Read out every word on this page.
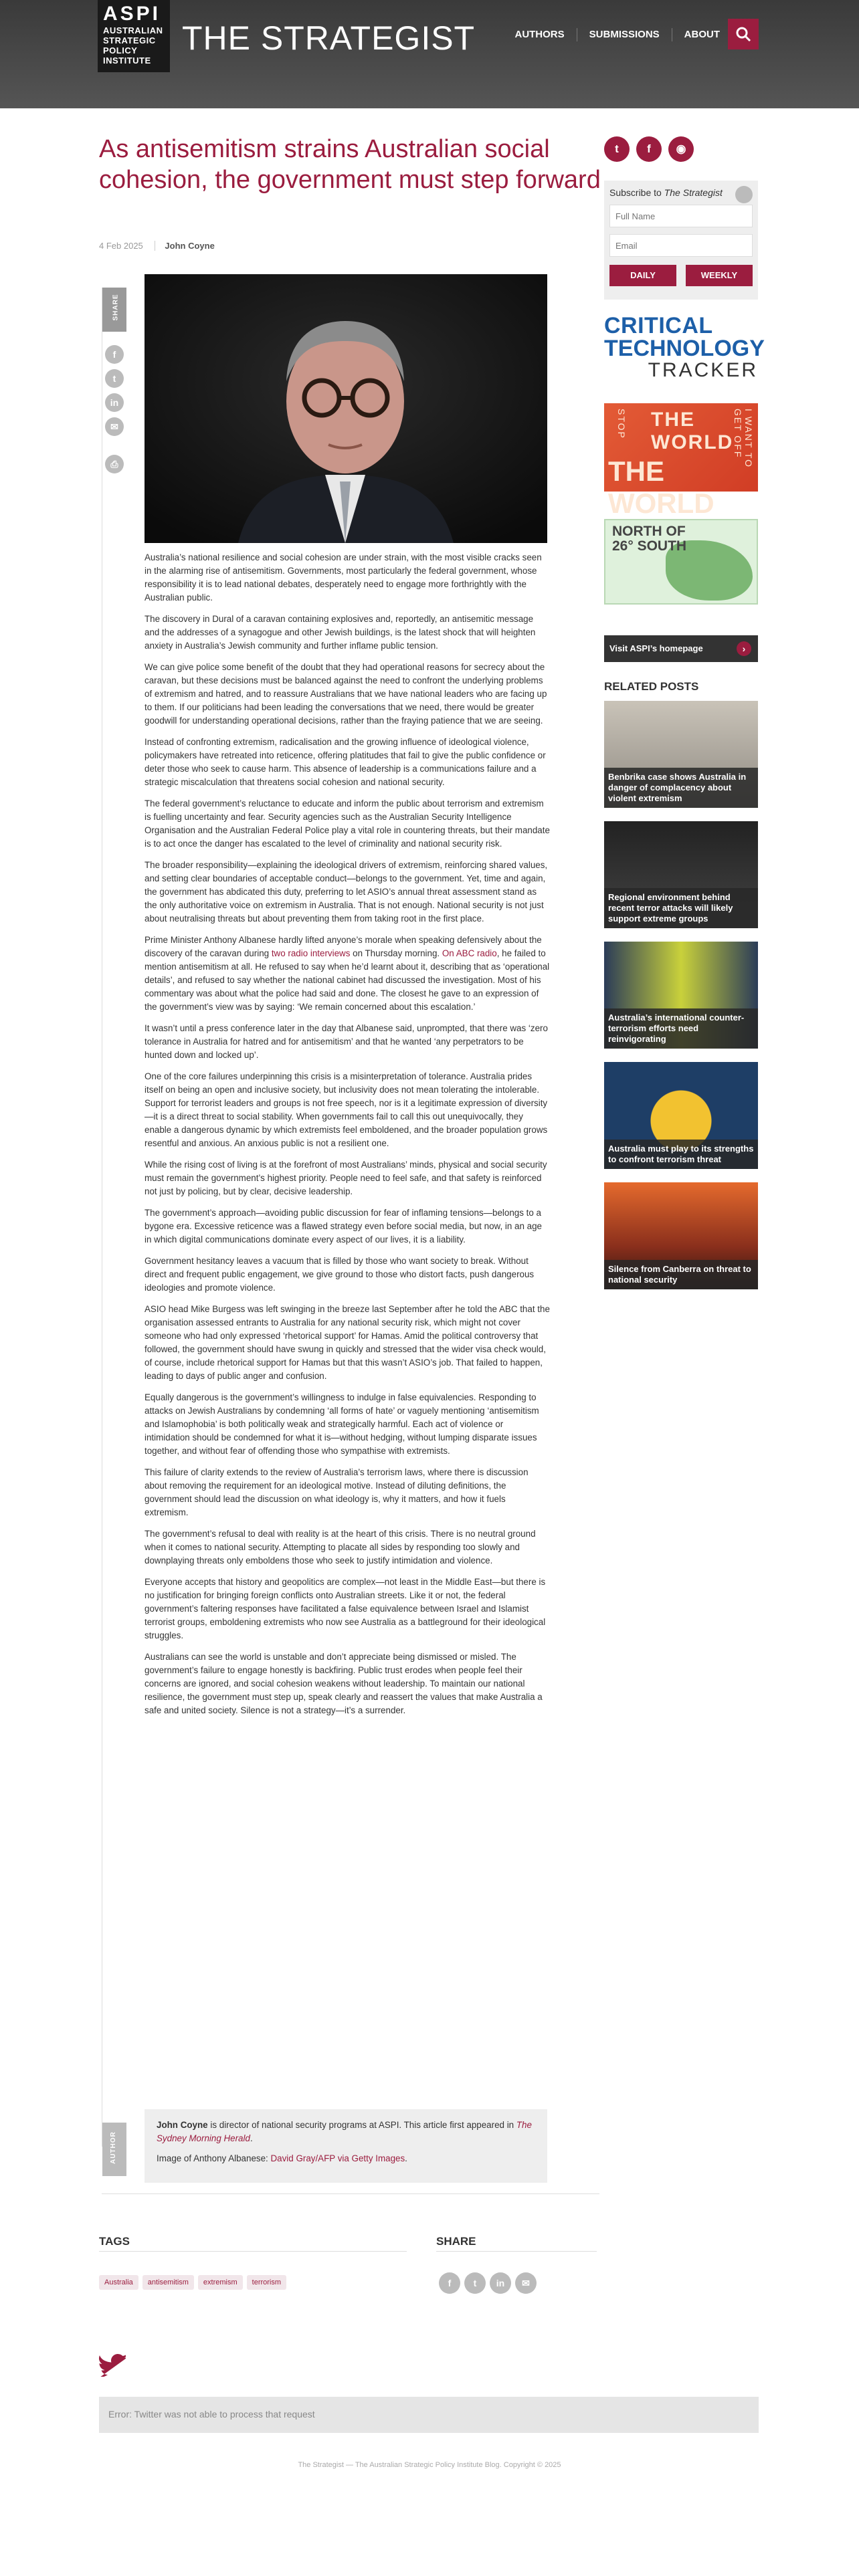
ASPI
AUSTRALIAN
STRATEGIC
POLICY
INSTITUTE
THE STRATEGIST	AUTHORS	SUBMISSIONS	ABOUT
As antisemitism strains Australian social cohesion, the government must step forward
4 Feb 2025	John Coyne
SHARE
f
t
in
✉
⎙
AUTHOR

Australia’s national resilience and social cohesion are under strain, with the most visible cracks seen in the alarming rise of antisemitism. Governments, most particularly the federal government, whose responsibility it is to lead national debates, desperately need to engage more forthrightly with the Australian public.

The discovery in Dural of a caravan containing explosives and, reportedly, an antisemitic message and the addresses of a synagogue and other Jewish buildings, is the latest shock that will heighten anxiety in Australia’s Jewish community and further inflame public tension.

We can give police some benefit of the doubt that they had operational reasons for secrecy about the caravan, but these decisions must be balanced against the need to confront the underlying problems of extremism and hatred, and to reassure Australians that we have national leaders who are facing up to them. If our politicians had been leading the conversations that we need, there would be greater goodwill for understanding operational decisions, rather than the fraying patience that we are seeing.

Instead of confronting extremism, radicalisation and the growing influence of ideological violence, policymakers have retreated into reticence, offering platitudes that fail to give the public confidence or deter those who seek to cause harm. This absence of leadership is a communications failure and a strategic miscalculation that threatens social cohesion and national security.

The federal government’s reluctance to educate and inform the public about terrorism and extremism is fuelling uncertainty and fear. Security agencies such as the Australian Security Intelligence Organisation and the Australian Federal Police play a vital role in countering threats, but their mandate is to act once the danger has escalated to the level of criminality and national security risk.

The broader responsibility—explaining the ideological drivers of extremism, reinforcing shared values, and setting clear boundaries of acceptable conduct—belongs to the government. Yet, time and again, the government has abdicated this duty, preferring to let ASIO’s annual threat assessment stand as the only authoritative voice on extremism in Australia. That is not enough. National security is not just about neutralising threats but about preventing them from taking root in the first place.

Prime Minister Anthony Albanese hardly lifted anyone’s morale when speaking defensively about the discovery of the caravan during two radio interviews on Thursday morning. On ABC radio, he failed to mention antisemitism at all. He refused to say when he’d learnt about it, describing that as ‘operational details’, and refused to say whether the national cabinet had discussed the investigation. Most of his commentary was about what the police had said and done. The closest he gave to an expression of the government’s view was by saying: ‘We remain concerned about this escalation.’

It wasn’t until a press conference later in the day that Albanese said, unprompted, that there was ‘zero tolerance in Australia for hatred and for antisemitism’ and that he wanted ‘any perpetrators to be hunted down and locked up’.

One of the core failures underpinning this crisis is a misinterpretation of tolerance. Australia prides itself on being an open and inclusive society, but inclusivity does not mean tolerating the intolerable. Support for terrorist leaders and groups is not free speech, nor is it a legitimate expression of diversity—it is a direct threat to social stability. When governments fail to call this out unequivocally, they enable a dangerous dynamic by which extremists feel emboldened, and the broader population grows resentful and anxious. An anxious public is not a resilient one.

While the rising cost of living is at the forefront of most Australians’ minds, physical and social security must remain the government’s highest priority. People need to feel safe, and that safety is reinforced not just by policing, but by clear, decisive leadership.

The government’s approach—avoiding public discussion for fear of inflaming tensions—belongs to a bygone era. Excessive reticence was a flawed strategy even before social media, but now, in an age in which digital communications dominate every aspect of our lives, it is a liability.

Government hesitancy leaves a vacuum that is filled by those who want society to break. Without direct and frequent public engagement, we give ground to those who distort facts, push dangerous ideologies and promote violence.

ASIO head Mike Burgess was left swinging in the breeze last September after he told the ABC that the organisation assessed entrants to Australia for any national security risk, which might not cover someone who had only expressed ‘rhetorical support’ for Hamas. Amid the political controversy that followed, the government should have swung in quickly and stressed that the wider visa check would, of course, include rhetorical support for Hamas but that this wasn’t ASIO’s job. That failed to happen, leading to days of public anger and confusion.

Equally dangerous is the government’s willingness to indulge in false equivalencies. Responding to attacks on Jewish Australians by condemning ‘all forms of hate’ or vaguely mentioning ‘antisemitism and Islamophobia’ is both politically weak and strategically harmful. Each act of violence or intimidation should be condemned for what it is—without hedging, without lumping disparate issues together, and without fear of offending those who sympathise with extremists.

This failure of clarity extends to the review of Australia’s terrorism laws, where there is discussion about removing the requirement for an ideological motive. Instead of diluting definitions, the government should lead the discussion on what ideology is, why it matters, and how it fuels extremism.

The government’s refusal to deal with reality is at the heart of this crisis. There is no neutral ground when it comes to national security. Attempting to placate all sides by responding too slowly and downplaying threats only emboldens those who seek to justify intimidation and violence.

Everyone accepts that history and geopolitics are complex—not least in the Middle East—but there is no justification for bringing foreign conflicts onto Australian streets. Like it or not, the federal government’s faltering responses have facilitated a false equivalence between Israel and Islamist terrorist groups, emboldening extremists who now see Australia as a battleground for their ideological struggles.

Australians can see the world is unstable and don’t appreciate being dismissed or misled. The government’s failure to engage honestly is backfiring. Public trust erodes when people feel their concerns are ignored, and social cohesion weakens without leadership. To maintain our national resilience, the government must step up, speak clearly and reassert the values that make Australia a safe and united society. Silence is not a strategy—it’s a surrender.

John Coyne is director of national security programs at ASPI. This article first appeared in The Sydney Morning Herald.

Image of Anthony Albanese: David Gray/AFP via Getty Images.

t	f	◉
Subscribe to The Strategist
Full Name
Email
DAILY	WEEKLY
CRITICAL
TECHNOLOGY
TRACKER
STOP THE WORLD
THE WORLD
I WANT TO GET OFF
NORTH OF
26° SOUTH
Visit ASPI’s homepage	›
RELATED POSTS
Benbrika case shows Australia in danger of complacency about violent extremism
Regional environment behind recent terror attacks will likely support extreme groups
Australia’s international counter-terrorism efforts need reinvigorating
Australia must play to its strengths to confront terrorism threat
Silence from Canberra on threat to national security
TAGS	SHARE
Australia	antisemitism	extremism	terrorism	f	t	in	✉
Error: Twitter was not able to process that request
The Strategist — The Australian Strategic Policy Institute Blog. Copyright © 2025
